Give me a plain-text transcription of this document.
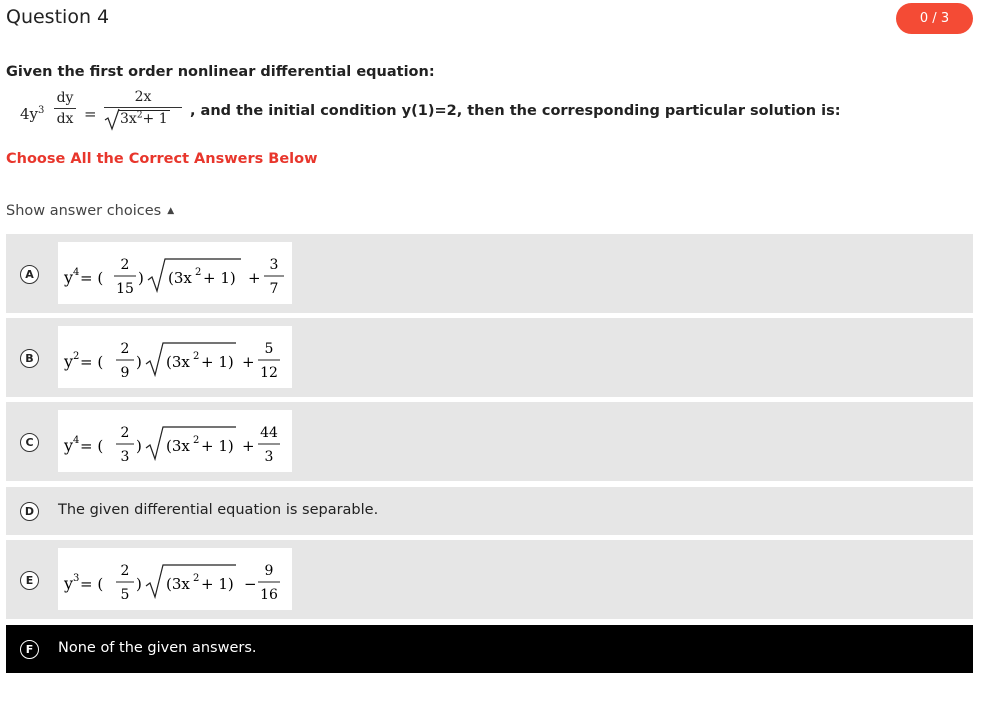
Question 4	0 / 3
Given the first order nonlinear differential equation:
$4y^3$
dy
dx =
2x
$3x^2+ 1$	, and the initial condition y(1)=2, then the corresponding particular solution is:
Choose All the Correct Answers Below
Show answer choices ▲
A	y 4 = (
2
15
) (3x 2 + 1) +
3
7
B	y 2 = (
2
9
) (3x 2 + 1) +
5
12
C	y 4 = (
2
3
) (3x 2 + 1) +
44
3
D	The given differential equation is separable.
E	y 3 = (
2
5
) (3x 2 + 1) −
9
16
F	None of the given answers.
